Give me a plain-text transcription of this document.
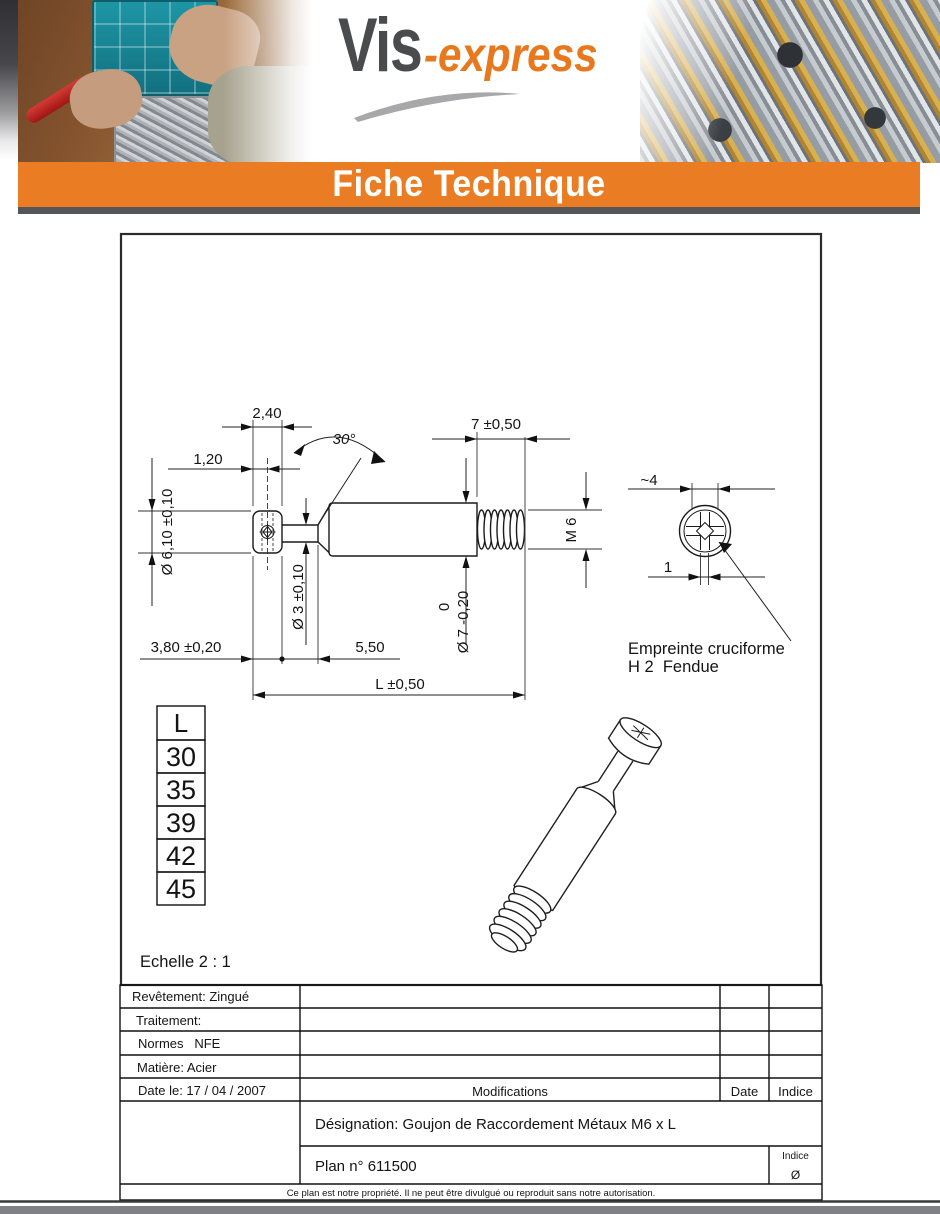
Vis-express
Fiche Technique
2,40
1,20
30°
7 ±0,50
M 6
Ø 6,10 ±0,10
Ø 3 ±0,10	Ø 7 -0,20
0
3,80 ±0,20	5,50
L ±0,50
~4
1
Empreinte cruciforme
H 2  Fendue
L
30
35
39
42
45
Echelle 2 : 1
Revêtement: Zingué
Traitement:
Normes   NFE
Matière: Acier
Date le: 17 / 04 / 2007	Modifications	Date Indice
Désignation: Goujon de Raccordement Métaux M6 x L
Plan n° 611500
Indice
Ø
Ce plan est notre propriété. Il ne peut être divulgué ou reproduit sans notre autorisation.
